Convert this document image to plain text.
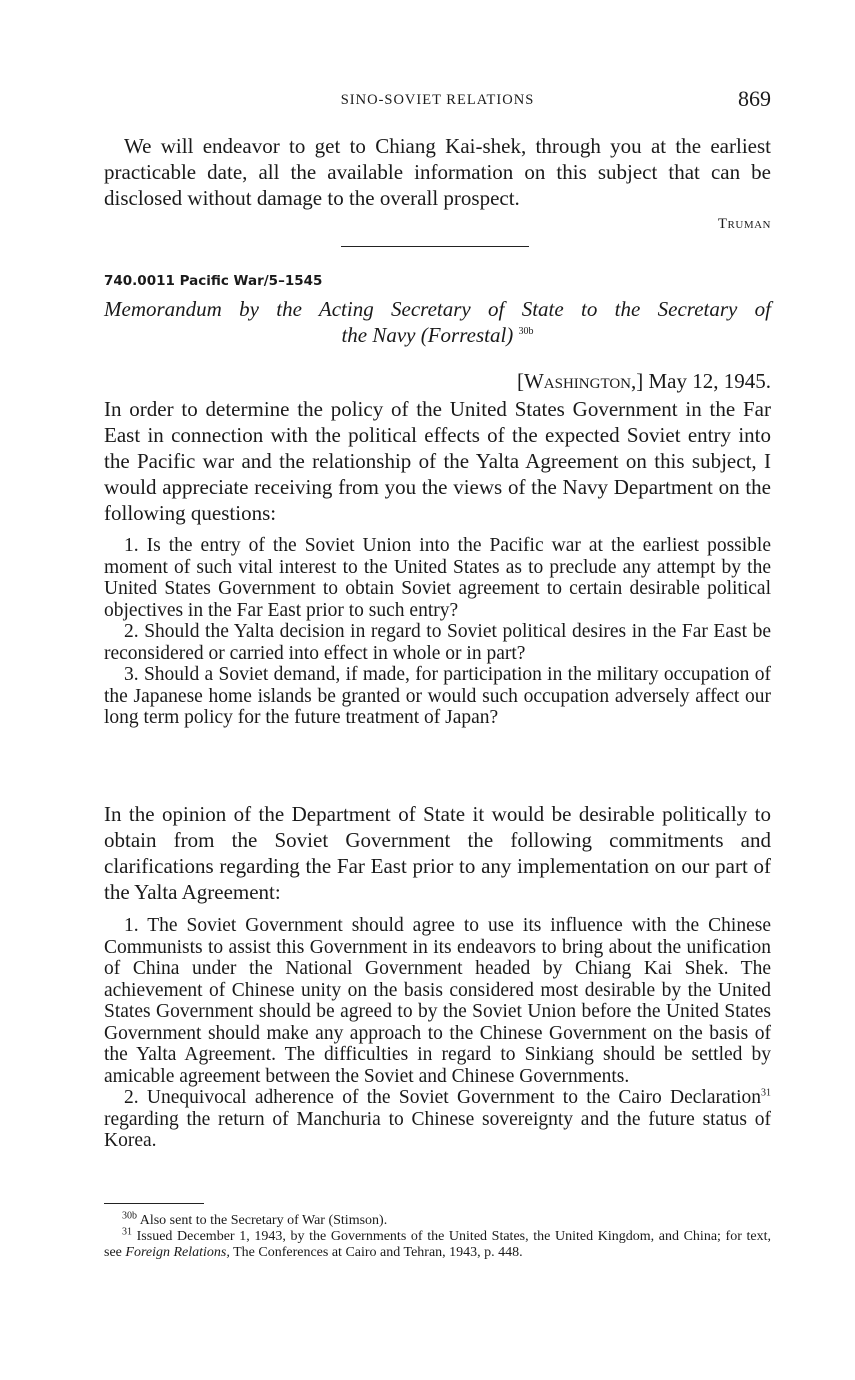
SINO-SOVIET RELATIONS	869
We will endeavor to get to Chiang Kai-shek, through you at the earliest practicable date, all the available information on this subject that can be disclosed without damage to the overall prospect.
Truman
740.0011 Pacific War/5–1545
Memorandum by the Acting Secretary of State to the Secretary of
the Navy (Forrestal) $^{30b}$
[Washington,] May 12, 1945.
In order to determine the policy of the United States Government in the Far East in connection with the political effects of the expected Soviet entry into the Pacific war and the relationship of the Yalta Agreement on this subject, I would appreciate receiving from you the views of the Navy Department on the following questions:

1. Is the entry of the Soviet Union into the Pacific war at the earliest possible moment of such vital interest to the United States as to preclude any attempt by the United States Government to obtain Soviet agreement to certain desirable political objectives in the Far East prior to such entry?

2. Should the Yalta decision in regard to Soviet political desires in the Far East be reconsidered or carried into effect in whole or in part?

3. Should a Soviet demand, if made, for participation in the military occupation of the Japanese home islands be granted or would such occupation adversely affect our long term policy for the future treatment of Japan?

In the opinion of the Department of State it would be desirable politically to obtain from the Soviet Government the following commitments and clarifications regarding the Far East prior to any implementation on our part of the Yalta Agreement:

1. The Soviet Government should agree to use its influence with the Chinese Communists to assist this Government in its endeavors to bring about the unification of China under the National Government headed by Chiang Kai Shek. The achievement of Chinese unity on the basis considered most desirable by the United States Government should be agreed to by the Soviet Union before the United States Government should make any approach to the Chinese Government on the basis of the Yalta Agreement. The difficulties in regard to Sinkiang should be settled by amicable agreement between the Soviet and Chinese Governments.

2. Unequivocal adherence of the Soviet Government to the Cairo Declaration$^{31}$ regarding the return of Manchuria to Chinese sovereignty and the future status of Korea.

$^{30b}$ Also sent to the Secretary of War (Stimson).

$^{31}$ Issued December 1, 1943, by the Governments of the United States, the United Kingdom, and China; for text, see Foreign Relations, The Conferences at Cairo and Tehran, 1943, p. 448.
